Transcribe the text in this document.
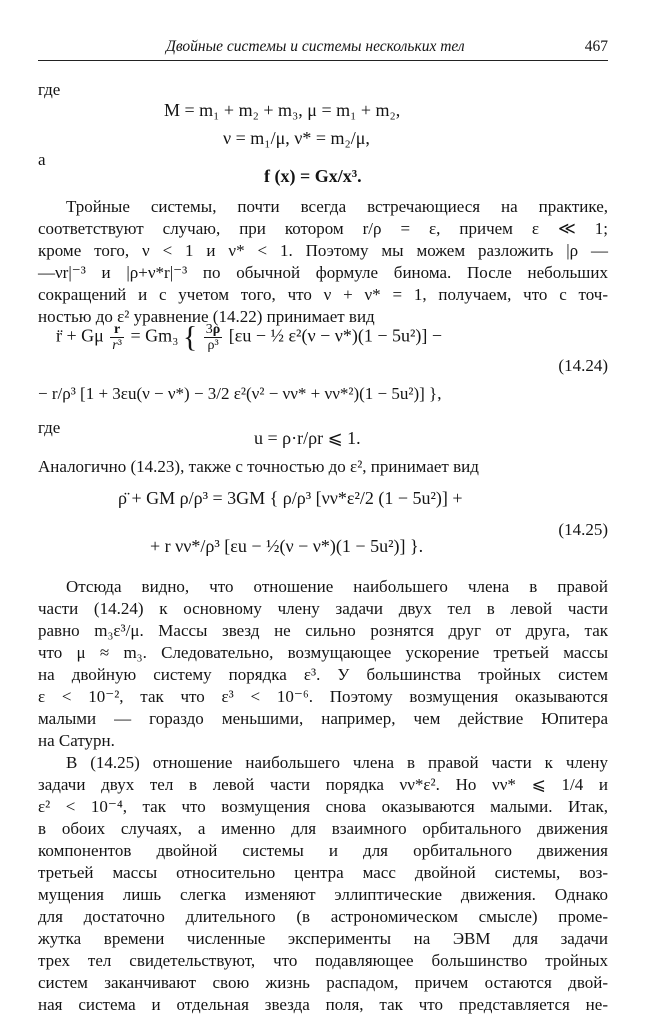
Двойные системы и системы нескольких тел	467
где
M = m₁ + m₂ + m₃, μ = m₁ + m₂,
ν = m₁/μ, ν* = m₂/μ,
а
f (x) = Gx/x³.
Тройные системы, почти всегда встречающиеся на практике,
соответствуют случаю, при котором r/ρ = ε, причем ε ≪ 1;
кроме того, ν < 1 и ν* < 1. Поэтому мы можем разложить |ρ —
—νr|⁻³ и |ρ+ν*r|⁻³ по обычной формуле бинома. После небольших
сокращений и с учетом того, что ν + ν* = 1, получаем, что с точ-
ностью до ε² уравнение (14.22) принимает вид
r̈ + Gμ $\frac{r}{\text{r³}} = Gm_3$ { $\frac{3\rho}{\text{ρ³}} [\varepsilon u$ − ½ ε²(ν − ν*)(1 − 5u²)] −
(14.24)
− r/ρ³ [1 + 3εu(ν − ν*) − 3/2 ε²(ν² − νν* + νν*²)(1 − 5u²)] },
где
u = ρ·r/ρr ⩽ 1.
Аналогично (14.23), также с точностью до ε², принимает вид
ρ̈ + GM ρ/ρ³ = 3GM { ρ/ρ³ [νν*ε²/2 (1 − 5u²)] +
(14.25)
+ r νν*/ρ³ [εu − ½(ν − ν*)(1 − 5u²)] }.
Отсюда видно, что отношение наибольшего члена в правой
части (14.24) к основному члену задачи двух тел в левой части
равно m₃ε³/μ. Массы звезд не сильно рознятся друг от друга, так
что μ ≈ m₃. Следовательно, возмущающее ускорение третьей массы
на двойную систему порядка ε³. У большинства тройных систем
ε < 10⁻², так что ε³ < 10⁻⁶. Поэтому возмущения оказываются
малыми — гораздо меньшими, например, чем действие Юпитера
на Сатурн.
В (14.25) отношение наибольшего члена в правой части к члену
задачи двух тел в левой части порядка νν*ε². Но νν* ⩽ 1/4 и
ε² < 10⁻⁴, так что возмущения снова оказываются малыми. Итак,
в обоих случаях, а именно для взаимного орбитального движения
компонентов двойной системы и для орбитального движения
третьей массы относительно центра масс двойной системы, воз-
мущения лишь слегка изменяют эллиптические движения. Однако
для достаточно длительного (в астрономическом смысле) проме-
жутка времени численные эксперименты на ЭВМ для задачи
трех тел свидетельствуют, что подавляющее большинство тройных
систем заканчивают свою жизнь распадом, причем остаются двой-
ная система и отдельная звезда поля, так что представляется не-
